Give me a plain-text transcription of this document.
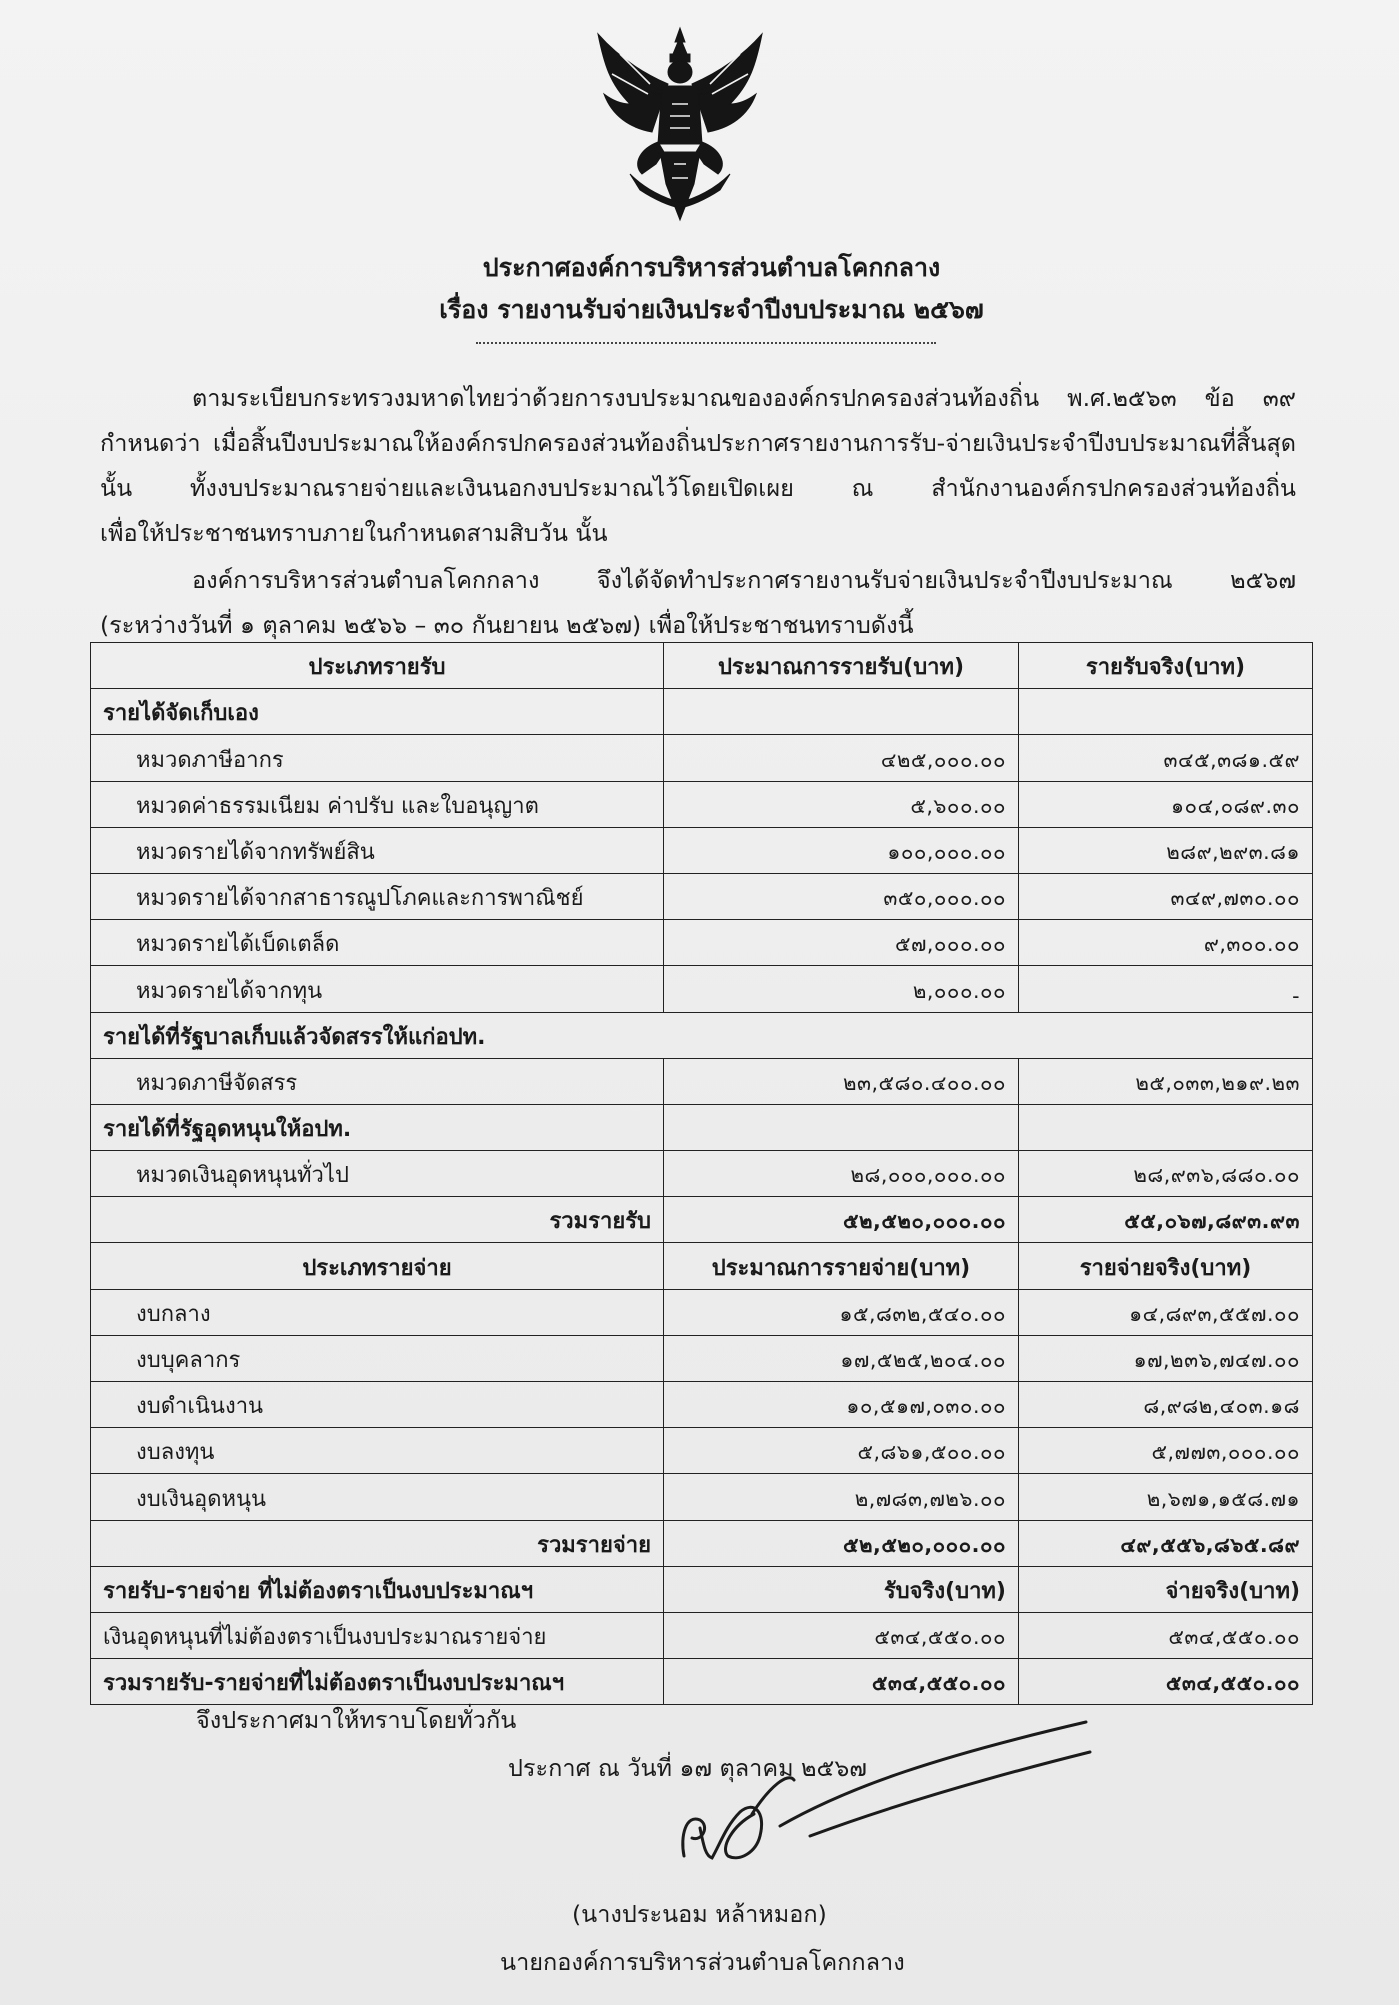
ประกาศองค์การบริหารส่วนตำบลโคกกลาง
เรื่อง รายงานรับจ่ายเงินประจำปีงบประมาณ ๒๕๖๗
ตามระเบียบกระทรวงมหาดไทยว่าด้วยการงบประมาณขององค์กรปกครองส่วนท้องถิ่น พ.ศ.๒๕๖๓ ข้อ ๓๙ กำหนดว่า เมื่อสิ้นปีงบประมาณให้องค์กรปกครองส่วนท้องถิ่นประกาศรายงานการรับ-จ่ายเงินประจำปีงบประมาณที่สิ้นสุดนั้น ทั้งงบประมาณรายจ่ายและเงินนอกงบประมาณไว้โดยเปิดเผย ณ สำนักงานองค์กรปกครองส่วนท้องถิ่น
เพื่อให้ประชาชนทราบภายในกำหนดสามสิบวัน นั้น
องค์การบริหารส่วนตำบลโคกกลาง จึงได้จัดทำประกาศรายงานรับจ่ายเงินประจำปีงบประมาณ ๒๕๖๗
(ระหว่างวันที่ ๑ ตุลาคม ๒๕๖๖ – ๓๐ กันยายน ๒๕๖๗) เพื่อให้ประชาชนทราบดังนี้
ประเภทรายรับ	ประมาณการรายรับ(บาท)	รายรับจริง(บาท)
รายได้จัดเก็บเอง		
หมวดภาษีอากร	๔๒๕,๐๐๐.๐๐	๓๔๕,๓๘๑.๕๙
หมวดค่าธรรมเนียม ค่าปรับ และใบอนุญาต	๕,๖๐๐.๐๐	๑๐๔,๐๘๙.๓๐
หมวดรายได้จากทรัพย์สิน	๑๐๐,๐๐๐.๐๐	๒๘๙,๒๙๓.๘๑
หมวดรายได้จากสาธารณูปโภคและการพาณิชย์	๓๕๐,๐๐๐.๐๐	๓๔๙,๗๓๐.๐๐
หมวดรายได้เบ็ดเตล็ด	๕๗,๐๐๐.๐๐	๙,๓๐๐.๐๐
หมวดรายได้จากทุน	๒,๐๐๐.๐๐	-
รายได้ที่รัฐบาลเก็บแล้วจัดสรรให้แก่อปท.		
หมวดภาษีจัดสรร	๒๓,๕๘๐.๔๐๐.๐๐	๒๕,๐๓๓,๒๑๙.๒๓
รายได้ที่รัฐอุดหนุนให้อปท.		
หมวดเงินอุดหนุนทั่วไป	๒๘,๐๐๐,๐๐๐.๐๐	๒๘,๙๓๖,๘๘๐.๐๐
รวมรายรับ	๕๒,๕๒๐,๐๐๐.๐๐	๕๕,๐๖๗,๘๙๓.๙๓
ประเภทรายจ่าย	ประมาณการรายจ่าย(บาท)	รายจ่ายจริง(บาท)
งบกลาง	๑๕,๘๓๒,๕๔๐.๐๐	๑๔,๘๙๓,๕๕๗.๐๐
งบบุคลากร	๑๗,๕๒๕,๒๐๔.๐๐	๑๗,๒๓๖,๗๔๗.๐๐
งบดำเนินงาน	๑๐,๕๑๗,๐๓๐.๐๐	๘,๙๘๒,๔๐๓.๑๘
งบลงทุน	๕,๘๖๑,๕๐๐.๐๐	๕,๗๗๓,๐๐๐.๐๐
งบเงินอุดหนุน	๒,๗๘๓,๗๒๖.๐๐	๒,๖๗๑,๑๕๘.๗๑
รวมรายจ่าย	๕๒,๕๒๐,๐๐๐.๐๐	๔๙,๕๕๖,๘๖๕.๘๙
รายรับ-รายจ่าย ที่ไม่ต้องตราเป็นงบประมาณฯ	รับจริง(บาท)	จ่ายจริง(บาท)
เงินอุดหนุนที่ไม่ต้องตราเป็นงบประมาณรายจ่าย	๕๓๔,๕๕๐.๐๐	๕๓๔,๕๕๐.๐๐
รวมรายรับ-รายจ่ายที่ไม่ต้องตราเป็นงบประมาณฯ	๕๓๔,๕๕๐.๐๐	๕๓๔,๕๕๐.๐๐
จึงประกาศมาให้ทราบโดยทั่วกัน
ประกาศ ณ วันที่ ๑๗ ตุลาคม ๒๕๖๗
(นางประนอม หล้าหมอก)
นายกองค์การบริหารส่วนตำบลโคกกลาง
